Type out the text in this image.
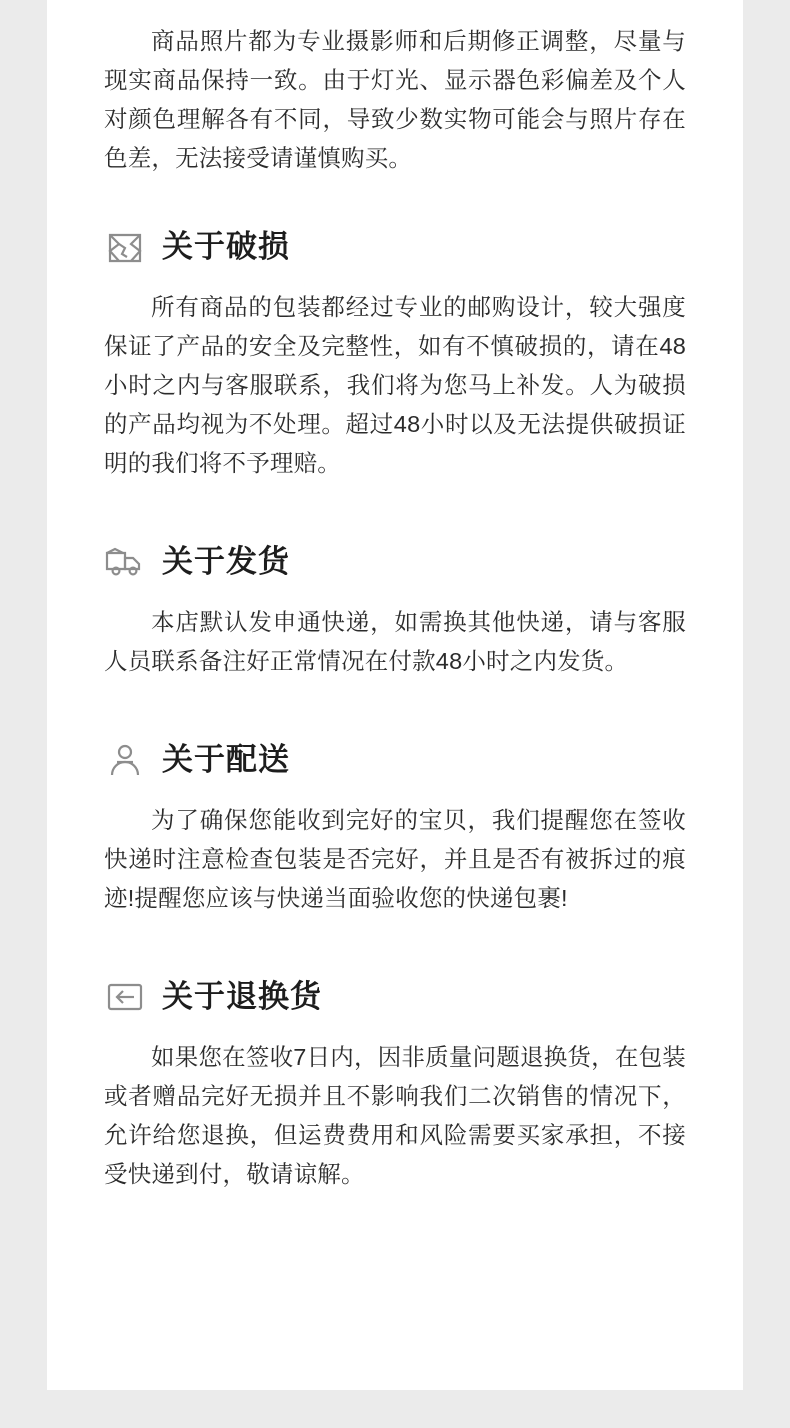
商品照片都为专业摄影师和后期修正调整，尽量与现实商品保持一致。由于灯光、显示器色彩偏差及个人对颜色理解各有不同，导致少数实物可能会与照片存在色差，无法接受请谨慎购买。
关于破损
所有商品的包装都经过专业的邮购设计，较大强度保证了产品的安全及完整性，如有不慎破损的，请在48小时之内与客服联系，我们将为您马上补发。人为破损的产品均视为不处理。超过48小时以及无法提供破损证明的我们将不予理赔。
关于发货
本店默认发申通快递，如需换其他快递，请与客服人员联系备注好正常情况在付款48小时之内发货。
关于配送
为了确保您能收到完好的宝贝，我们提醒您在签收快递时注意检查包装是否完好，并且是否有被拆过的痕迹!提醒您应该与快递当面验收您的快递包裹!
关于退换货
如果您在签收7日内，因非质量问题退换货，在包装或者赠品完好无损并且不影响我们二次销售的情况下，允许给您退换，但运费费用和风险需要买家承担，不接受快递到付，敬请谅解。
